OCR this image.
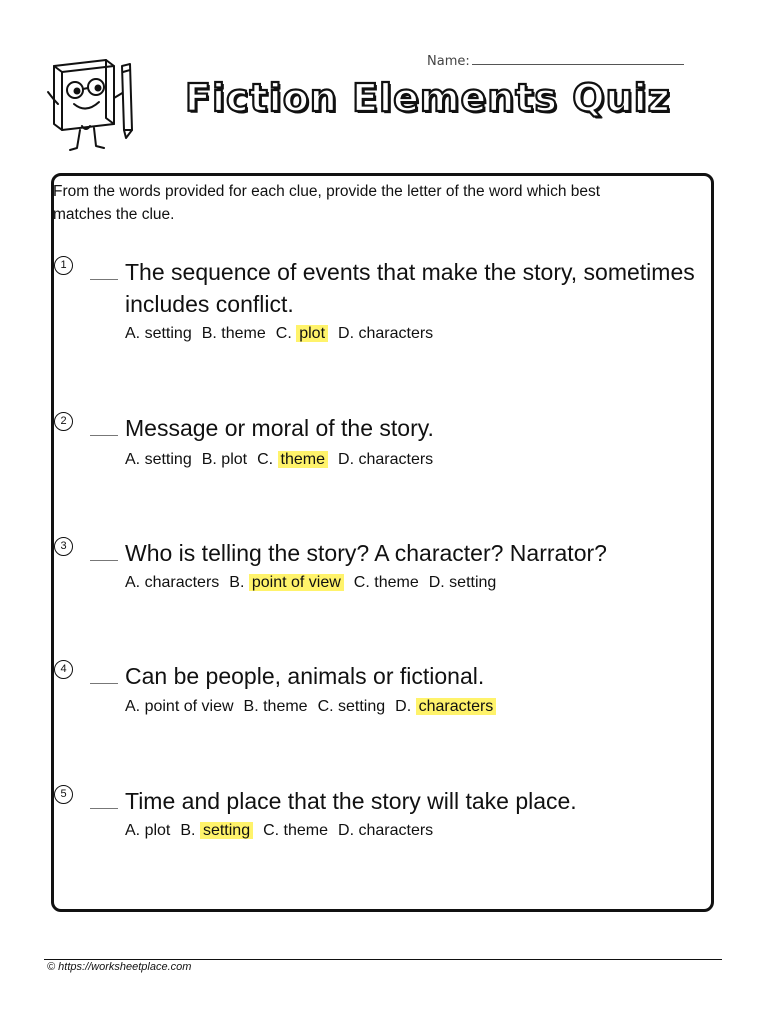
Name:
Fiction Elements Quiz
From the words provided for each clue, provide the letter of the word which best matches the clue.
1	The sequence of events that make the story, sometimes includes conflict.
A. setting B. theme C. plot D. characters
2	Message or moral of the story.
A. setting B. plot C. theme D. characters
3	Who is telling the story? A character? Narrator?
A. characters B. point of view C. theme D. setting
4	Can be people, animals or fictional.
A. point of view B. theme C. setting D. characters
5	Time and place that the story will take place.
A. plot B. setting C. theme D. characters
© https://worksheetplace.com
